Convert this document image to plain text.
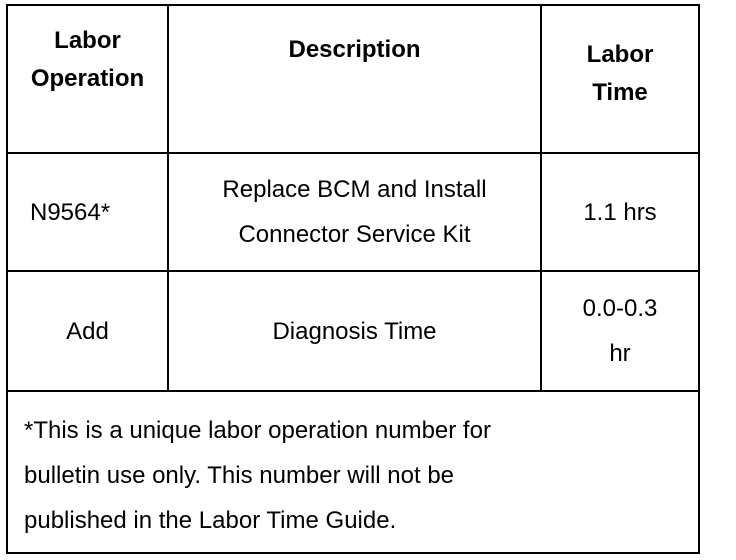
Labor
Operation
Description	Labor
Time
N9564*
Replace BCM and Install
Connector Service Kit
1.1 hrs
Add	Diagnosis Time
0.0-0.3
hr
*This is a unique labor operation number for
bulletin use only. This number will not be
published in the Labor Time Guide.
